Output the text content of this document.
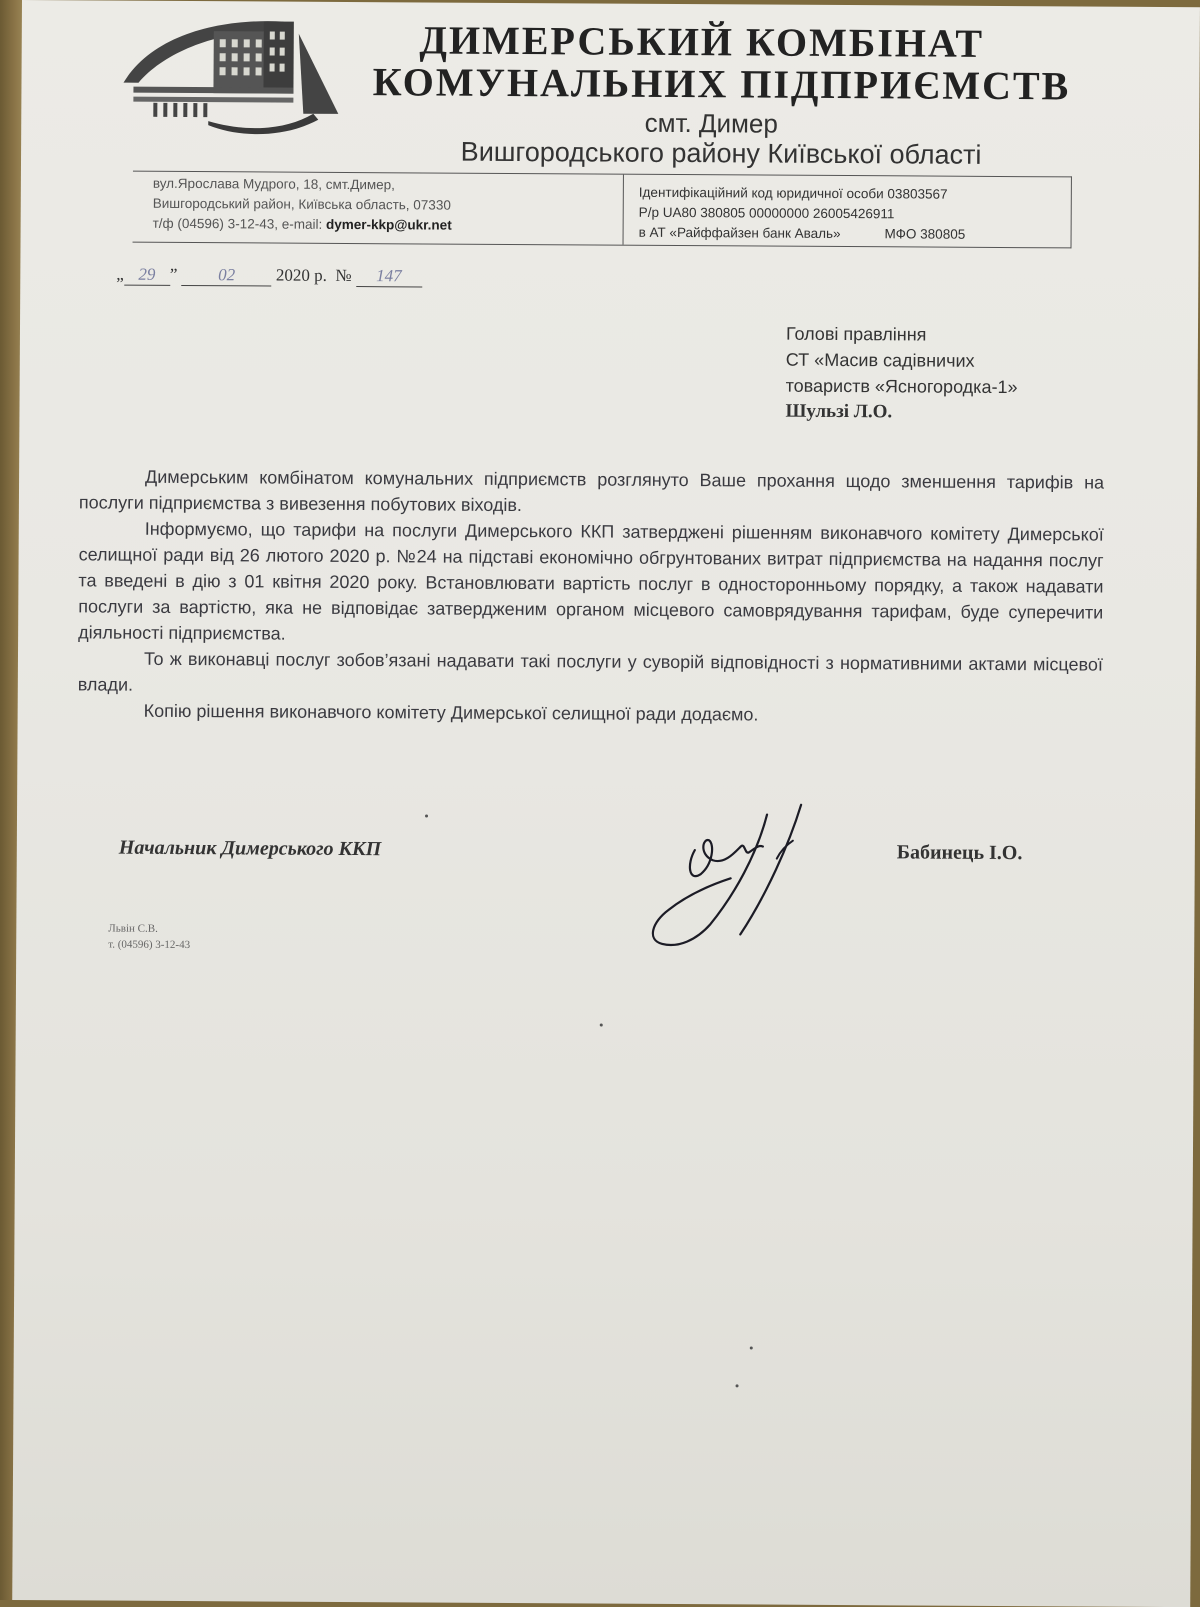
ДИМЕРСЬКИЙ КОМБІНАТ
КОМУНАЛЬНИХ ПІДПРИЄМСТВ
смт. Димер
Вишгородського району Київської області
вул.Ярослава Мудрого, 18, смт.Димер,
Вишгородський район, Київська область, 07330
т/ф (04596) 3-12-43, e-mail: dymer-kkp@ukr.net
Ідентифікаційний код юридичної особи 03803567
Р/р UA80 380805 00000000 26005426911
в АТ «Райффайзен банк Аваль»	МФО 380805
„ 29 ” 02 2020 р. № 147
Голові правління
СТ «Масив садівничих
товариств «Ясногородка-1»
Шульзі Л.О.

Димерським комбінатом комунальних підприємств розглянуто Ваше прохання щодо зменшення тарифів на послуги підприємства з вивезення побутових віходів.

Інформуємо, що тарифи на послуги Димерського ККП затверджені рішенням виконавчого комітету Димерської селищної ради від 26 лютого 2020 р. №24 на підставі економічно обгрунтованих витрат підприємства на надання послуг та введені в дію з 01 квітня 2020 року. Встановлювати вартість послуг в односторонньому порядку, а також надавати послуги за вартістю, яка не відповідає затвердженим органом місцевого самоврядування тарифам, буде суперечити діяльності підприємства.

То ж виконавці послуг зобов’язані надавати такі послуги у суворій відповідності з нормативними актами місцевої влади.

Копію рішення виконавчого комітету Димерської селищної ради додаємо.

Начальник Димерського ККП	Бабинець І.О.
Львін С.В.
т. (04596) 3-12-43
